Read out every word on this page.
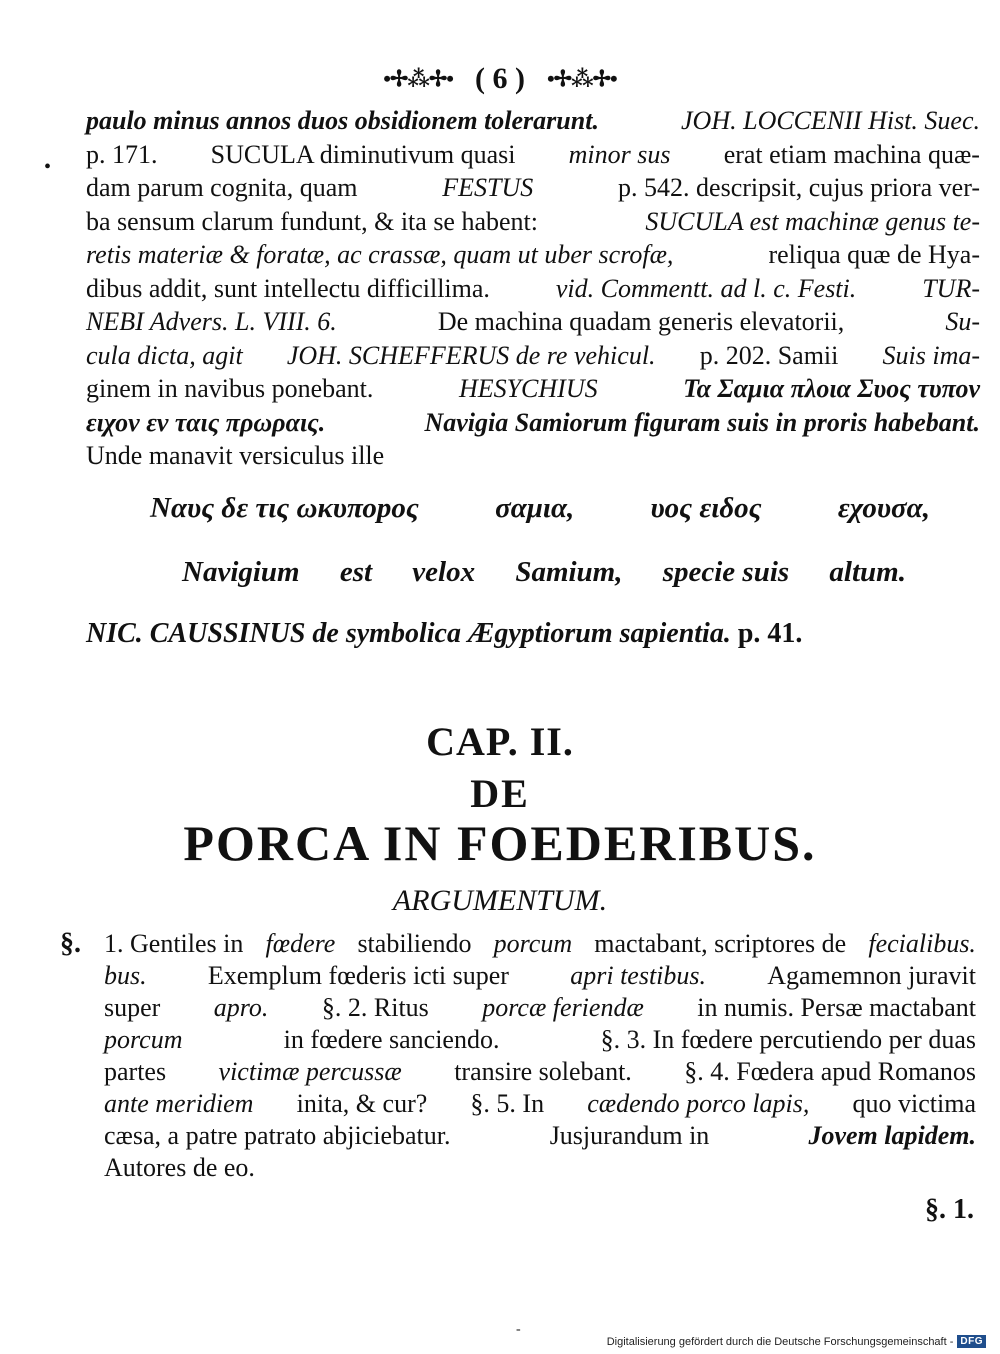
•✢⁂✢• ( 6 ) •✢⁂✢•
•
paulo minus annos duos obsidionem tolerarunt.	JOH. LOCCENII Hist. Suec.
p. 171. SUCULA diminutivum quasi minor sus erat etiam machina quæ-
dam parum cognita, quam	FESTUS	p. 542. descripsit, cujus priora ver-
ba sensum clarum fundunt, & ita se habent:	SUCULA est machinæ genus te-
retis materiæ & foratæ, ac crassæ, quam ut uber scrofæ,	reliqua quæ de Hya-
dibus addit, sunt intellectu difficillima.	vid. Commentt. ad l. c. Festi.	TUR-
NEBI Advers. L. VIII. 6.	De machina quadam generis elevatorii,	Su-
cula dicta, agit JOH. SCHEFFERUS de re vehicul. p. 202. Samii Suis ima-
ginem in navibus ponebant.	HESYCHIUS	Τα Σαμια πλοια Συος τυπον
ειχον εν ταις πρωραις.	Navigia Samiorum figuram suis in proris habebant.
Unde manavit versiculus ille
Ναυς δε τις ωκυποpος	σαμια,	υος ειδος	εχουσα,
Navigium est velox Samium, specie suis altum.
NIC. CAUSSINUS de symbolica Ægyptiorum sapientia. p. 41.
CAP. II.
DE
PORCA IN FOEDERIBUS.
ARGUMENTUM.
§. 1. Gentiles in fœdere stabiliendo porcum mactabant, scriptores de fecialibus.
bus. Exemplum fœderis icti super apri testibus. Agamemnon juravit
super apro. §. 2. Ritus porcæ feriendæ in numis. Persæ mactabant
porcum	in fœdere sanciendo.	§. 3. In fœdere percutiendo per duas
partes victimæ percussæ transire solebant. §. 4. Fœdera apud Romanos
ante meridiem inita, & cur? §. 5. In cædendo porco lapis, quo victima
cæsa, a patre patrato abjiciebatur.	Jusjurandum in	Jovem lapidem.
Autores de eo.
§. 1.
-
Digitalisierung gefördert durch die Deutsche Forschungsgemeinschaft - DFG
